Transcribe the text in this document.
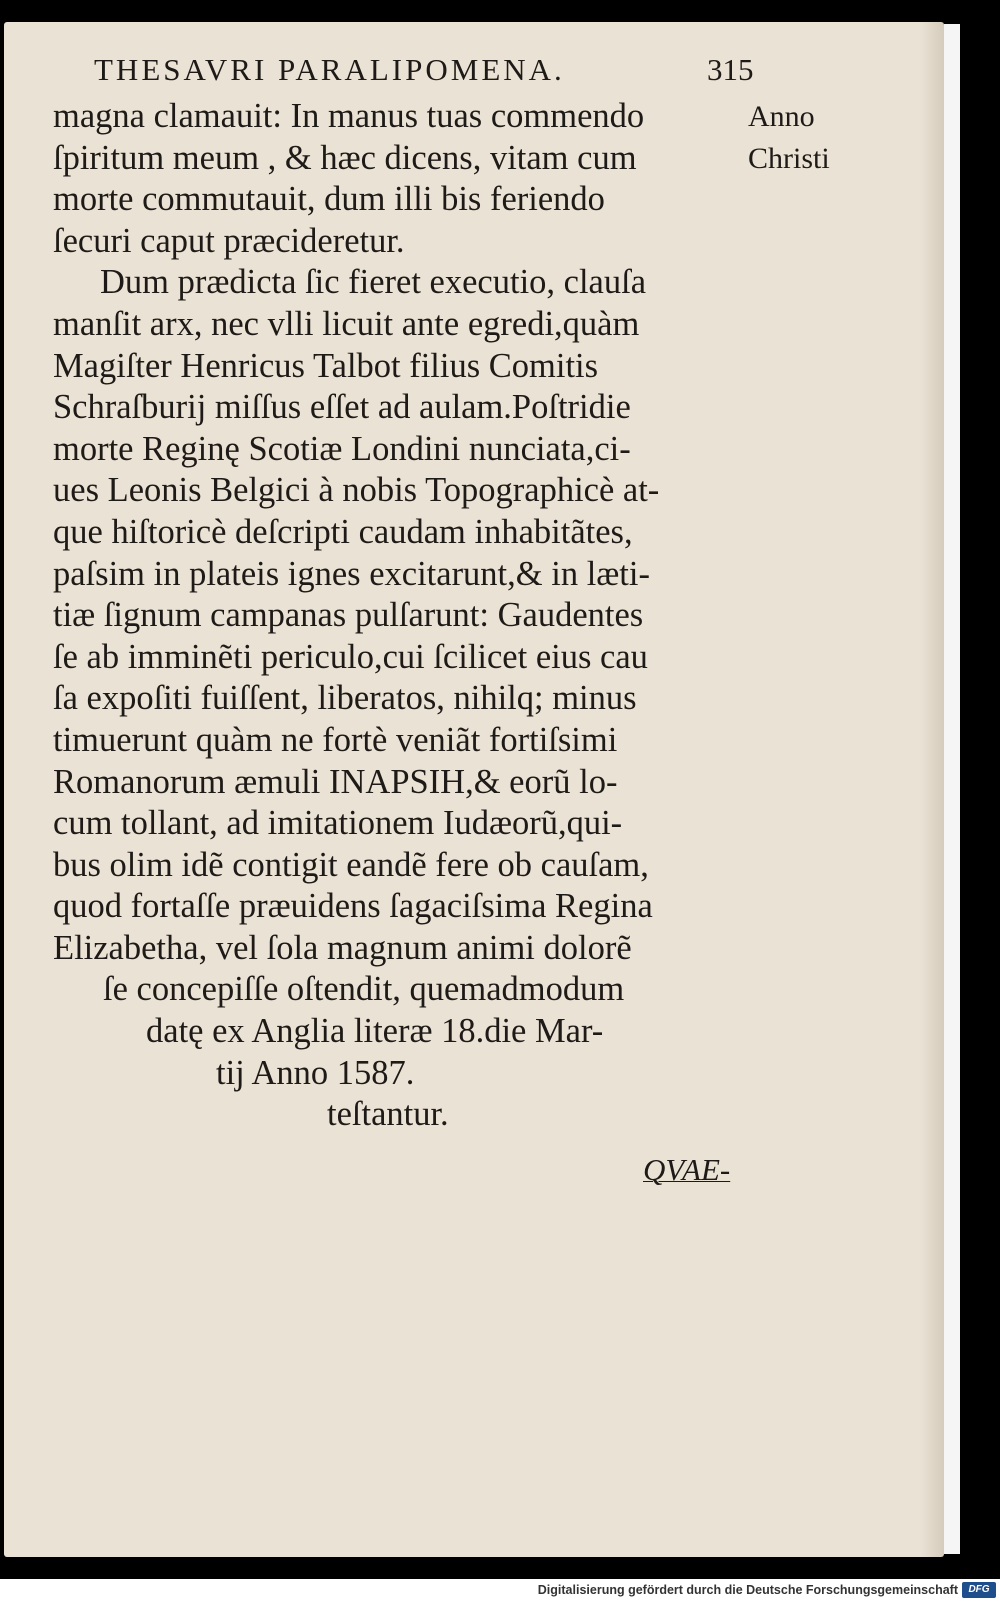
THESAVRI PARALIPOMENA.	315
Anno
Christi
magna clamauit: In manus tuas commendo
ſpiritum meum , & hæc dicens, vitam cum
morte commutauit, dum illi bis feriendo
ſecuri caput præcideretur.
Dum prædicta ſic fieret executio, clauſa
manſit arx, nec vlli licuit ante egredi,quàm
Magiſter Henricus Talbot filius Comitis
Schraſburij miſſus eſſet ad aulam.Poſtridie
morte Reginę Scotiæ Londini nunciata,ci-
ues Leonis Belgici à nobis Topographicè at-
que hiſtoricè deſcripti caudam inhabitãtes,
paſsim in plateis ignes excitarunt,& in læti-
tiæ ſignum campanas pulſarunt: Gaudentes
ſe ab imminẽti periculo,cui ſcilicet eius cau
ſa expoſiti fuiſſent, liberatos, nihilq; minus
timuerunt quàm ne fortè veniãt fortiſsimi
Romanorum æmuli INAPSIH,& eorũ lo-
cum tollant, ad imitationem Iudæorũ,qui-
bus olim idẽ contigit eandẽ fere ob cauſam,
quod fortaſſe præuidens ſagaciſsima Regina
Elizabetha, vel ſola magnum animi dolorẽ
ſe concepiſſe oſtendit, quemadmodum
datę ex Anglia literæ 18.die Mar-
tij Anno 1587.
teſtantur.
QVAE-
Digitalisierung gefördert durch die Deutsche Forschungsgemeinschaft	DFG
